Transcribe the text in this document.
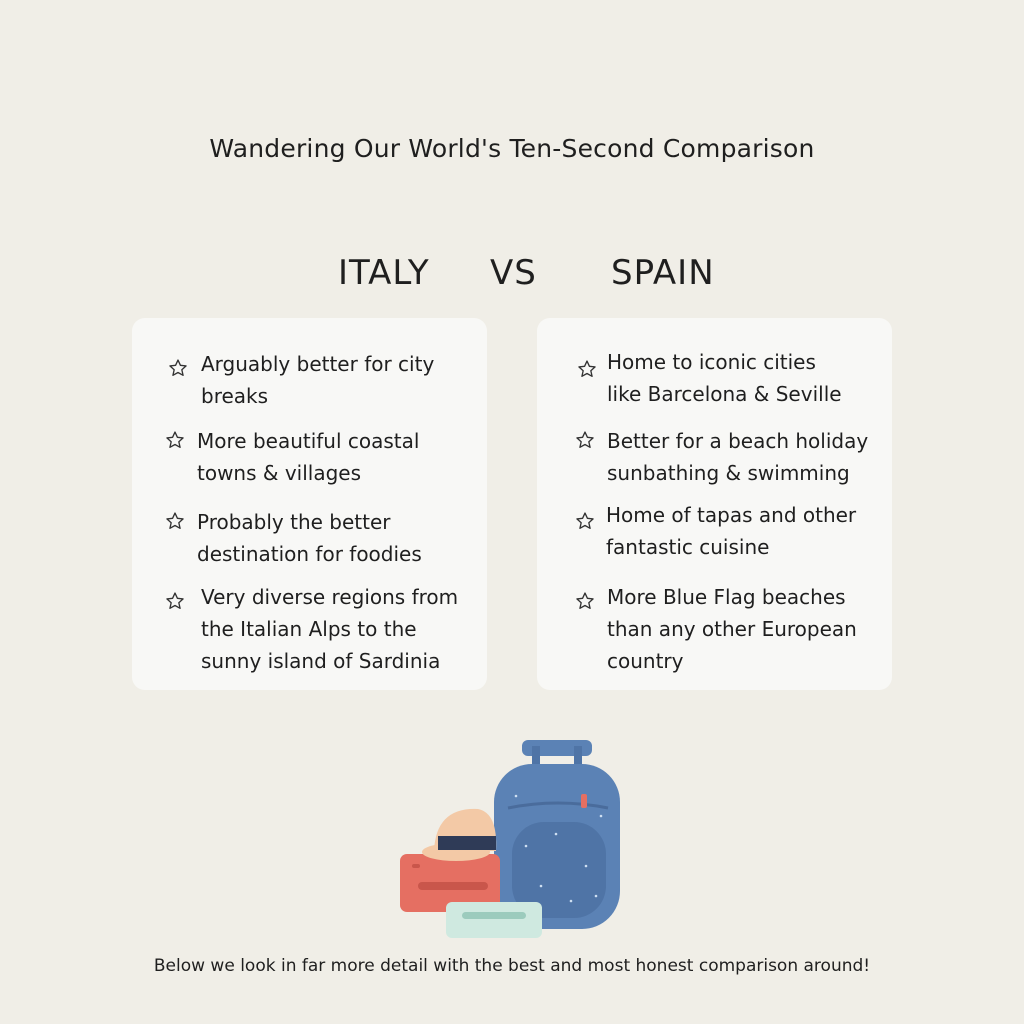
Wandering Our World's Ten-Second Comparison
ITALY VS SPAIN
Arguably better for city
breaks
More beautiful coastal
towns & villages
Probably the better
destination for foodies
Very diverse regions from
the Italian Alps to the
sunny island of Sardinia
Home to iconic cities
like Barcelona & Seville
Better for a beach holiday
sunbathing & swimming
Home of tapas and other
fantastic cuisine
More Blue Flag beaches
than any other European
country
Below we look in far more detail with the best and most honest comparison around!
